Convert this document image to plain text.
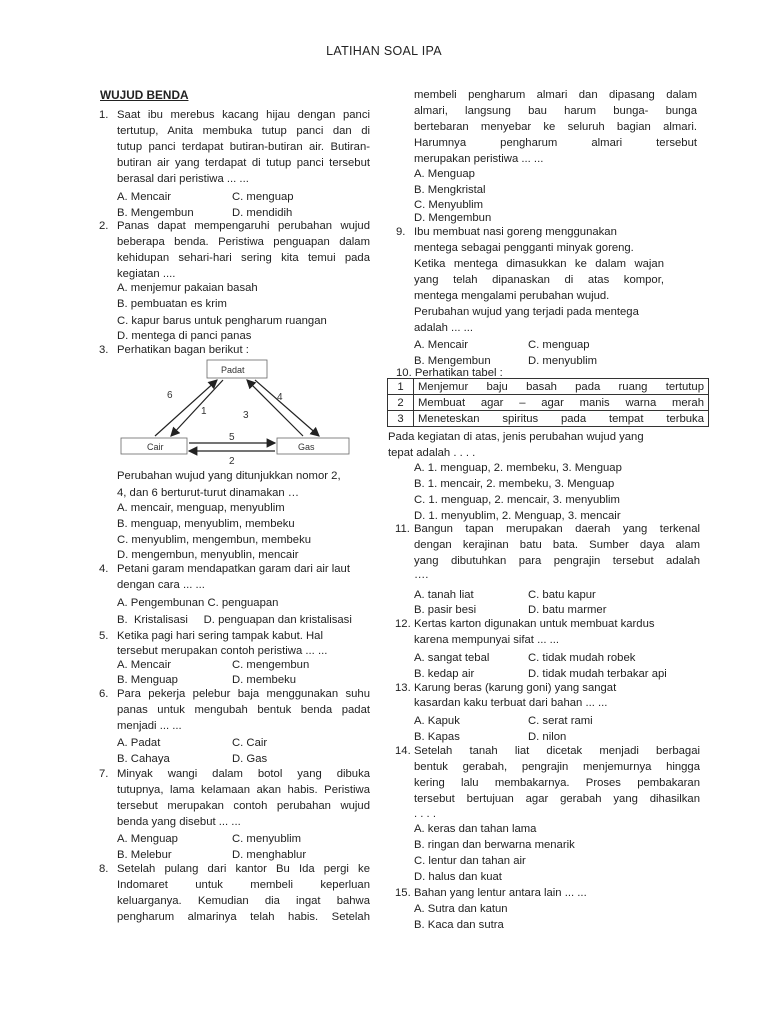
LATIHAN SOAL IPA
WUJUD BENDA
1. Saat ibu merebus kacang hijau dengan panci
tertutup, Anita membuka tutup panci dan di
tutup panci terdapat butiran-butiran air. Butiran-
butiran air yang terdapat di tutup panci tersebut
berasal dari peristiwa ... ...
A. Mencair	C. menguap
B. Mengembun	D. mendidih
2. Panas dapat mempengaruhi perubahan wujud
beberapa benda. Peristiwa penguapan dalam
kehidupan sehari-hari sering kita temui pada
kegiatan ....
A. menjemur pakaian basah
B. pembuatan es krim
C. kapur barus untuk pengharum ruangan
D. mentega di panci panas
3. Perhatikan bagan berikut :
Padat
Cair	Gas
6
1	3
4
5
2
Perubahan wujud yang ditunjukkan nomor 2,
4, dan 6 berturut-turut dinamakan …
A. mencair, menguap, menyublim
B. menguap, menyublim, membeku
C. menyublim, mengembun, membeku
D. mengembun, menyublin, mencair
4. Petani garam mendapatkan garam dari air laut
dengan cara ... ...
A. Pengembunan C. penguapan
B.  Kristalisasi     D. penguapan dan kristalisasi
5. Ketika pagi hari sering tampak kabut. Hal
tersebut merupakan contoh peristiwa ... ...
A. Mencair	C. mengembun
B. Menguap	D. membeku
6. Para pekerja pelebur baja menggunakan suhu
panas untuk mengubah bentuk benda padat
menjadi ... ...
A. Padat	C. Cair
B. Cahaya	D. Gas
7. Minyak wangi dalam botol yang dibuka
tutupnya, lama kelamaan akan habis. Peristiwa
tersebut merupakan contoh perubahan wujud
benda yang disebut ... ...
A. Menguap	C. menyublim
B. Melebur	D. menghablur
8. Setelah pulang dari kantor Bu Ida pergi ke
Indomaret untuk membeli keperluan
keluarganya. Kemudian dia ingat bahwa
pengharum almarinya telah habis. Setelah
membeli pengharum almari dan dipasang dalam
almari, langsung bau harum bunga- bunga
bertebaran menyebar ke seluruh bagian almari.
Harumnya pengharum almari tersebut
merupakan peristiwa ... ...
A. Menguap
B. Mengkristal
C. Menyublim
D. Mengembun
9. Ibu membuat nasi goreng menggunakan
mentega sebagai pengganti minyak goreng.
Ketika mentega dimasukkan ke dalam wajan
yang telah dipanaskan di atas kompor,
mentega mengalami perubahan wujud.
Perubahan wujud yang terjadi pada mentega
adalah ... ...
A. Mencair	C. menguap
B. Mengembun	D. menyublim
10. Perhatikan tabel :
1	Menjemur baju basah pada ruang tertutup
2	Membuat agar – agar manis warna merah
3	Meneteskan spiritus pada tempat terbuka
Pada kegiatan di atas, jenis perubahan wujud yang
tepat adalah . . . .
A. 1. menguap, 2. membeku, 3. Menguap
B. 1. mencair, 2. membeku, 3. Menguap
C. 1. menguap, 2. mencair, 3. menyublim
D. 1. menyublim, 2. Menguap, 3. mencair
11. Bangun tapan merupakan daerah yang terkenal
dengan kerajinan batu bata. Sumber daya alam
yang dibutuhkan para pengrajin tersebut adalah
….
A. tanah liat	C. batu kapur
B. pasir besi	D. batu marmer
12. Kertas karton digunakan untuk membuat kardus
karena mempunyai sifat ... ...
A. sangat tebal	C. tidak mudah robek
B. kedap air	D. tidak mudah terbakar api
13. Karung beras (karung goni) yang sangat
kasardan kaku terbuat dari bahan ... ...
A. Kapuk	C. serat rami
B. Kapas	D. nilon
14. Setelah tanah liat dicetak menjadi berbagai
bentuk gerabah, pengrajin menjemurnya hingga
kering lalu membakarnya. Proses pembakaran
tersebut bertujuan agar gerabah yang dihasilkan
. . . .
A. keras dan tahan lama
B. ringan dan berwarna menarik
C. lentur dan tahan air
D. halus dan kuat
15. Bahan yang lentur antara lain ... ...
A. Sutra dan katun
B. Kaca dan sutra
